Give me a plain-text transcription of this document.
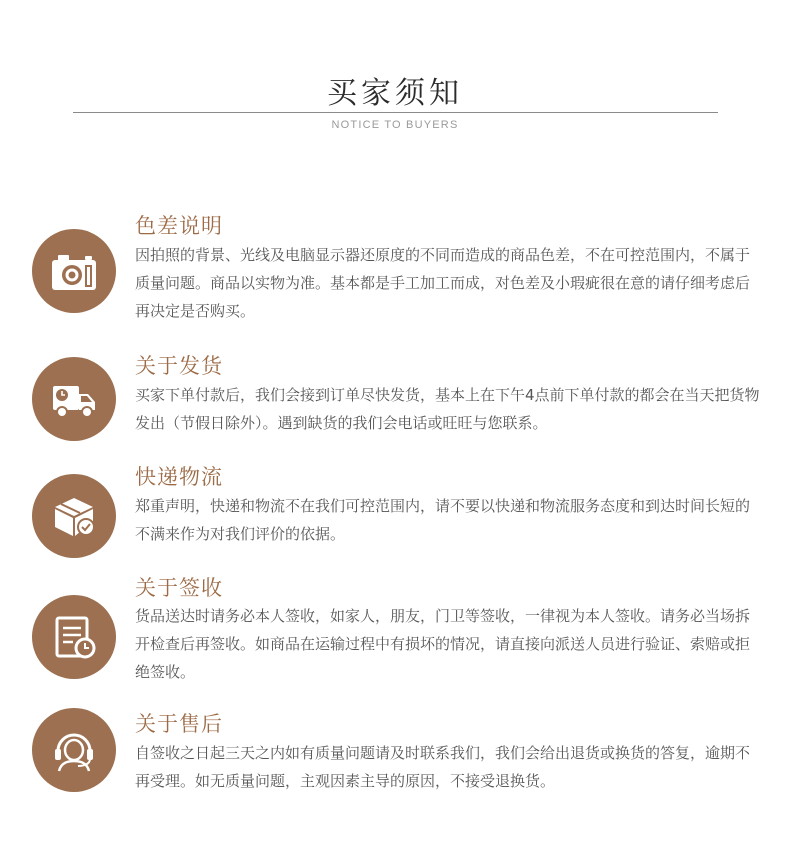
买家须知
NOTICE TO BUYERS
色差说明
因拍照的背景、光线及电脑显示器还原度的不同而造成的商品色差，不在可控范围内，不属于质量问题。商品以实物为准。基本都是手工加工而成，对色差及小瑕疵很在意的请仔细考虑后再决定是否购买。
关于发货
买家下单付款后，我们会接到订单尽快发货，基本上在下午4点前下单付款的都会在当天把货物发出（节假日除外）。遇到缺货的我们会电话或旺旺与您联系。
快递物流
郑重声明，快递和物流不在我们可控范围内，请不要以快递和物流服务态度和到达时间长短的不满来作为对我们评价的依据。
关于签收
货品送达时请务必本人签收，如家人，朋友，门卫等签收，一律视为本人签收。请务必当场拆开检查后再签收。如商品在运输过程中有损坏的情况，请直接向派送人员进行验证、索赔或拒绝签收。
关于售后
自签收之日起三天之内如有质量问题请及时联系我们，我们会给出退货或换货的答复，逾期不再受理。如无质量问题，主观因素主导的原因，不接受退换货。
